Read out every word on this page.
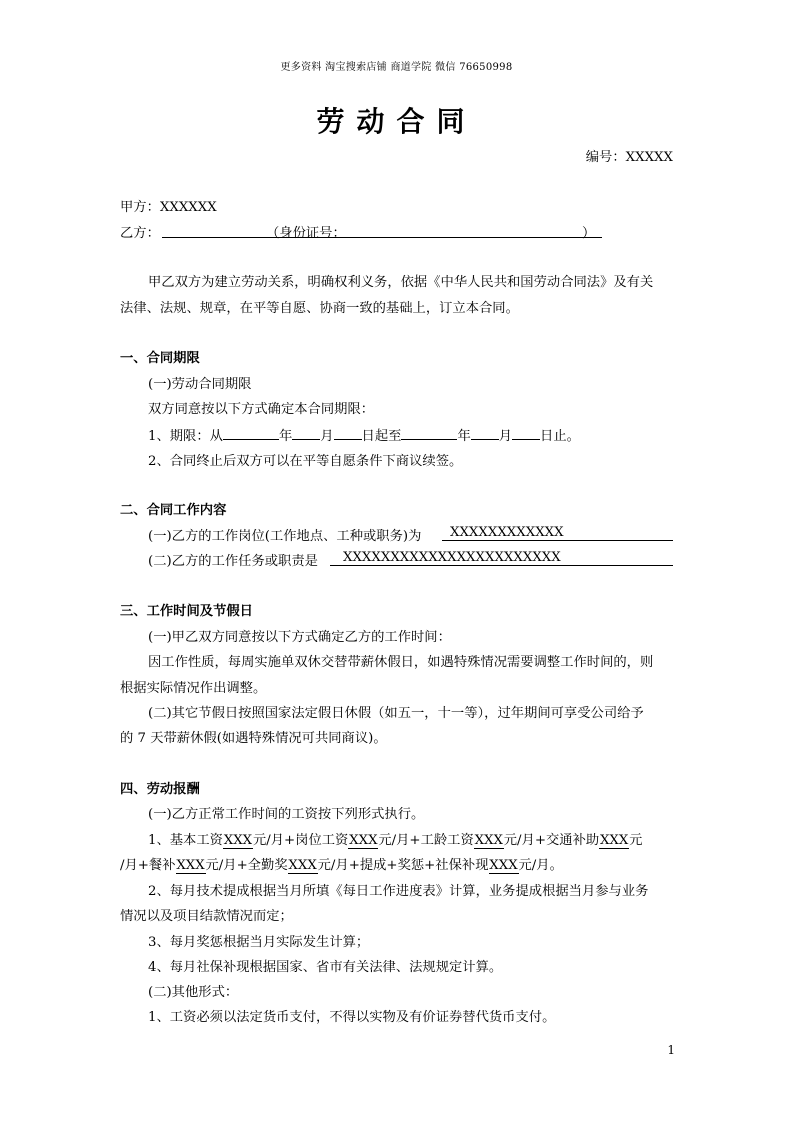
更多资料 淘宝搜索店铺 商道学院 微信 76650998
劳动合同
编号：XXXXX
甲方：XXXXXX
乙方：	（身份证号：	）
甲乙双方为建立劳动关系，明确权利义务，依据《中华人民共和国劳动合同法》及有关
法律、法规、规章，在平等自愿、协商一致的基础上，订立本合同。
一、合同期限
(一)劳动合同期限
双方同意按以下方式确定本合同期限：
1、期限：从	年 月 日起至	年 月 日止。
2、合同终止后双方可以在平等自愿条件下商议续签。
二、合同工作内容
(一)乙方的工作岗位(工作地点、工种或职务)为 XXXXXXXXXXXX
(二)乙方的工作任务或职责是 XXXXXXXXXXXXXXXXXXXXXXX
三、工作时间及节假日
(一)甲乙双方同意按以下方式确定乙方的工作时间：
因工作性质，每周实施单双休交替带薪休假日，如遇特殊情况需要调整工作时间的，则
根据实际情况作出调整。
(二)其它节假日按照国家法定假日休假（如五一，十一等），过年期间可享受公司给予
的 7 天带薪休假(如遇特殊情况可共同商议)。
四、劳动报酬
(一)乙方正常工作时间的工资按下列形式执行。
1、基本工资XXX元/月+岗位工资XXX元/月+工龄工资XXX元/月+交通补助XXX元
/月+餐补XXX元/月+全勤奖XXX元/月+提成+奖惩+社保补现XXX元/月。
2、每月技术提成根据当月所填《每日工作进度表》计算，业务提成根据当月参与业务
情况以及项目结款情况而定；
3、每月奖惩根据当月实际发生计算；
4、每月社保补现根据国家、省市有关法律、法规规定计算。
(二)其他形式：
1、工资必须以法定货币支付，不得以实物及有价证券替代货币支付。
1
